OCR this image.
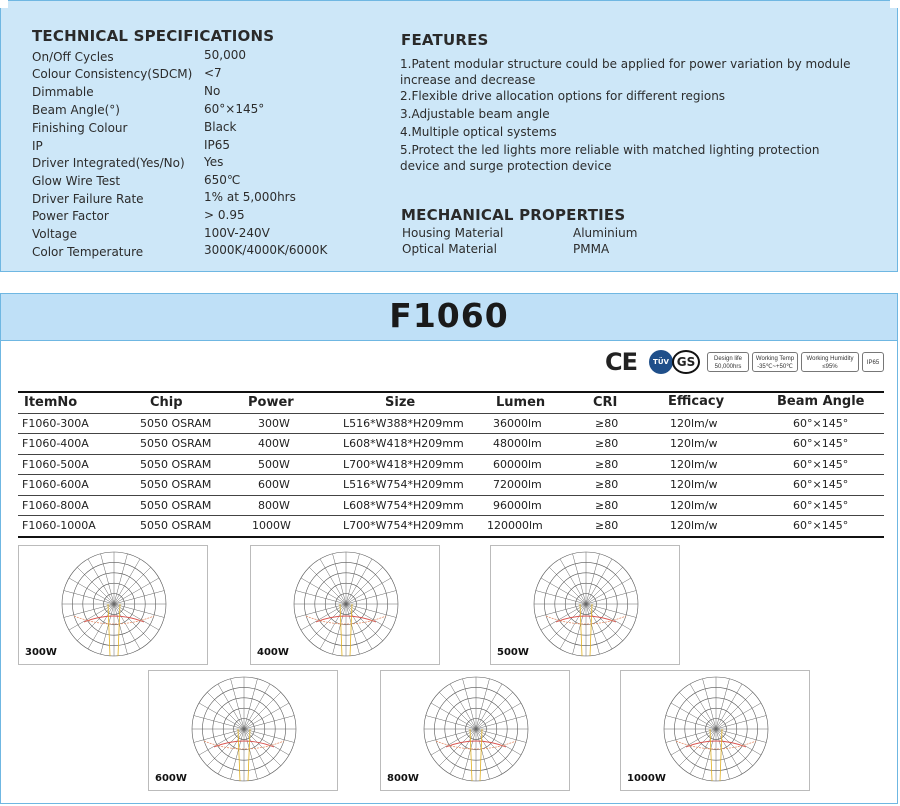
TECHNICAL SPECIFICATIONS
On/Off Cycles	50,000
Colour Consistency(SDCM) <7
Dimmable	No
Beam Angle(°)	60°×145°
Finishing Colour	Black
IP	IP65
Driver Integrated(Yes/No) Yes
Glow Wire Test	650℃
Driver Failure Rate	1% at 5,000hrs
Power Factor	> 0.95
Voltage	100V-240V
Color Temperature	3000K/4000K/6000K
FEATURES
1.Patent modular structure could be applied for power variation by module increase and decrease
2.Flexible drive allocation options for different regions
3.Adjustable beam angle
4.Multiple optical systems
5.Protect the led lights more reliable with matched lighting protection device and surge protection device
MECHANICAL PROPERTIES
Housing Material	Aluminium
Optical Material	PMMA
F1060
CE	TÜV GS	Design life
50,000hrs
Working Temp
-35℃~+50℃
Working Humidity
≤95%
IP65
ItemNo	Chip	Power	Size	Lumen	CRI	Efficacy	Beam Angle
F1060-300A	5050 OSRAM	300W	L516*W388*H209mm	36000lm	≥80	120lm/w	60°×145°
F1060-400A	5050 OSRAM	400W	L608*W418*H209mm	48000lm	≥80	120lm/w	60°×145°
F1060-500A	5050 OSRAM	500W	L700*W418*H209mm	60000lm	≥80	120lm/w	60°×145°
F1060-600A	5050 OSRAM	600W	L516*W754*H209mm	72000lm	≥80	120lm/w	60°×145°
F1060-800A	5050 OSRAM	800W	L608*W754*H209mm	96000lm	≥80	120lm/w	60°×145°
F1060-1000A	5050 OSRAM	1000W	L700*W754*H209mm 120000lm	≥80	120lm/w	60°×145°
300W	400W	500W
600W	800W	1000W
